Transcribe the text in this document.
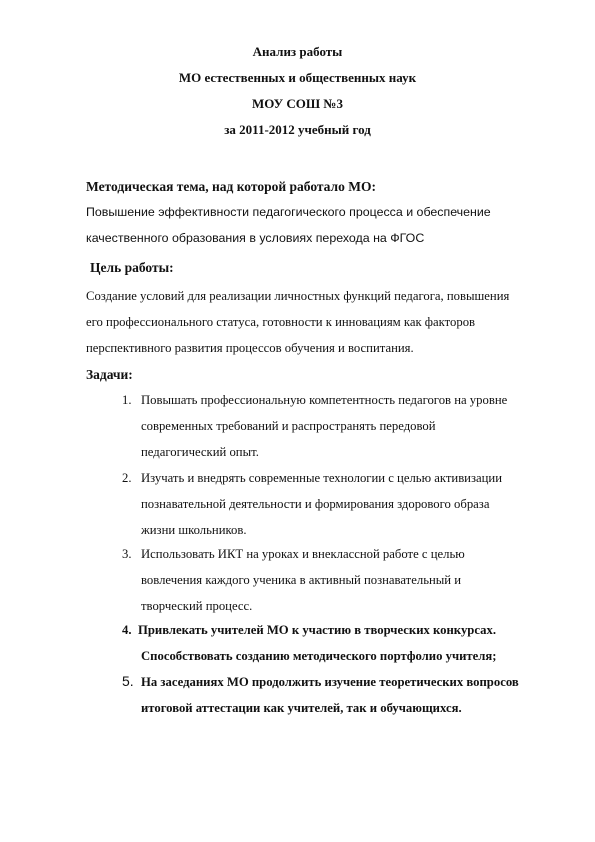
Анализ работы
МО естественных и общественных наук
МОУ СОШ №3
за 2011-2012 учебный год
Методическая тема, над которой работало МО:
Повышение эффективности педагогического процесса и обеспечение
качественного образования в условиях перехода на ФГОС
Цель работы:
Создание условий для реализации личностных функций педагога, повышения
его профессионального статуса, готовности к инновациям как факторов
перспективного развития процессов обучения и воспитания.
Задачи:
1. Повышать профессиональную компетентность педагогов на уровне
современных требований и распространять передовой
педагогический опыт.
2. Изучать и внедрять современные технологии с целью активизации
познавательной деятельности и формирования здорового образа
жизни школьников.
3. Использовать ИКТ на уроках и внеклассной работе с целью
вовлечения каждого ученика в активный познавательный и
творческий процесс.
4. Привлекать учителей МО к участию в творческих конкурсах.
Способствовать созданию методического портфолио учителя;
5. На заседаниях МО продолжить изучение теоретических вопросов
итоговой аттестации как учителей, так и обучающихся.
